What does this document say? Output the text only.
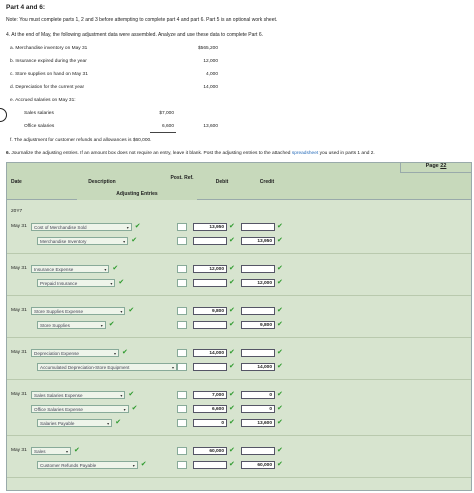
Part 4 and 6:
Note: You must complete parts 1, 2 and 3 before attempting to complete part 4 and part 6. Part 5 is an optional work sheet.
4. At the end of May, the following adjustment data were assembled. Analyze and use these data to complete Part 6.
a. Merchandise inventory on May 31	$565,200
b. Insurance expired during the year	12,000
c. Store supplies on hand on May 31	4,000
d. Depreciation for the current year	14,000
e. Accrued salaries on May 31:
Sales salaries	$7,000
Office salaries	6,600	13,600
f. The adjustment for customer refunds and allowances is $60,000.
6. Journalize the adjusting entries. If an amount box does not require an entry, leave it blank. Post the adjusting entries to the attached spreadsheet you used in parts 1 and 2.
Page 22
Date	Description
Post. Ref.
Debit	Credit
Adjusting Entries
20Y7
May 31	Cost of Merchandise Sold	▾ ✔	13,950 ✔	✔
Merchandise Inventory	▾ ✔	✔	13,950 ✔
May 31	Insurance Expense	▾ ✔	12,000 ✔	✔
Prepaid Insurance	▾ ✔	✔	12,000 ✔
May 31	Store Supplies Expense	▾ ✔	9,800 ✔	✔
Store Supplies	▾ ✔	✔	9,800 ✔
May 31	Depreciation Expense	▾ ✔	14,000 ✔	✔
Accumulated Depreciation-Store Equipment	▾	✔	14,000 ✔
May 31	Sales Salaries Expense	▾ ✔	7,000 ✔	0 ✔
Office Salaries Expense	▾ ✔	6,600 ✔	0 ✔
Salaries Payable	▾ ✔	0 ✔	13,600 ✔
May 31	Sales	▾ ✔	60,000 ✔	✔
Customer Refunds Payable	▾ ✔	✔	60,000 ✔
